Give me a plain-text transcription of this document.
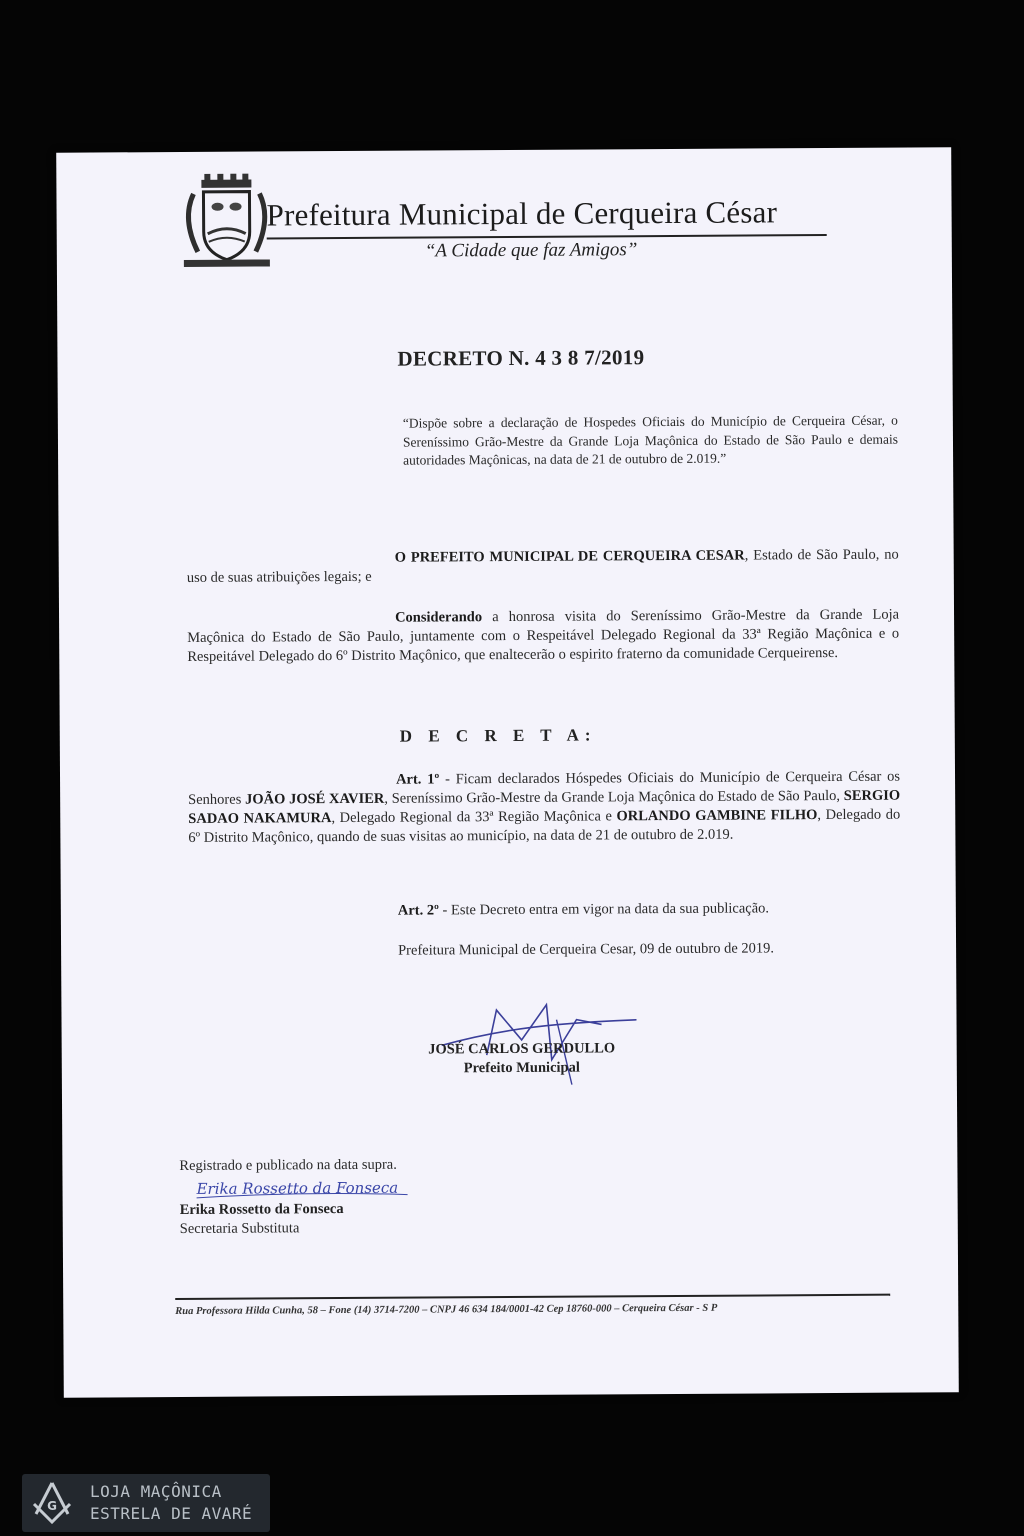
Prefeitura Municipal de Cerqueira César
“A Cidade que faz Amigos”
DECRETO N. 4 3 8 7/2019
“Dispõe sobre a declaração de Hospedes Oficiais do Município de Cerqueira César, o Sereníssimo Grão-Mestre da Grande Loja Maçônica do Estado de São Paulo e demais autoridades Maçônicas, na data de 21 de outubro de 2.019.”
O PREFEITO MUNICIPAL DE CERQUEIRA CESAR, Estado de São Paulo, no uso de suas atribuições legais; e
Considerando a honrosa visita do Sereníssimo Grão-Mestre da Grande Loja Maçônica do Estado de São Paulo, juntamente com o Respeitável Delegado Regional da 33ª Região Maçônica e o Respeitável Delegado do 6º Distrito Maçônico, que enaltecerão o espirito fraterno da comunidade Cerqueirense.
D E C R E T A:
Art. 1º - Ficam declarados Hóspedes Oficiais do Município de Cerqueira César os Senhores JOÃO JOSÉ XAVIER, Sereníssimo Grão-Mestre da Grande Loja Maçônica do Estado de São Paulo, SERGIO SADAO NAKAMURA, Delegado Regional da 33ª Região Maçônica e ORLANDO GAMBINE FILHO, Delegado do 6º Distrito Maçônico, quando de suas visitas ao município, na data de 21 de outubro de 2.019.
Art. 2º - Este Decreto entra em vigor na data da sua publicação.
Prefeitura Municipal de Cerqueira Cesar, 09 de outubro de 2019.
JOSÉ CARLOS GERDULLO
Prefeito Municipal
Registrado e publicado na data supra.
Erika Rossetto da Fonseca
Erika Rossetto da Fonseca
Secretaria Substituta
Rua Professora Hilda Cunha, 58 – Fone (14) 3714-7200 – CNPJ 46 634 184/0001-42 Cep 18760-000 – Cerqueira César - S P
G
LOJA MAÇÔNICA
ESTRELA DE AVARÉ
